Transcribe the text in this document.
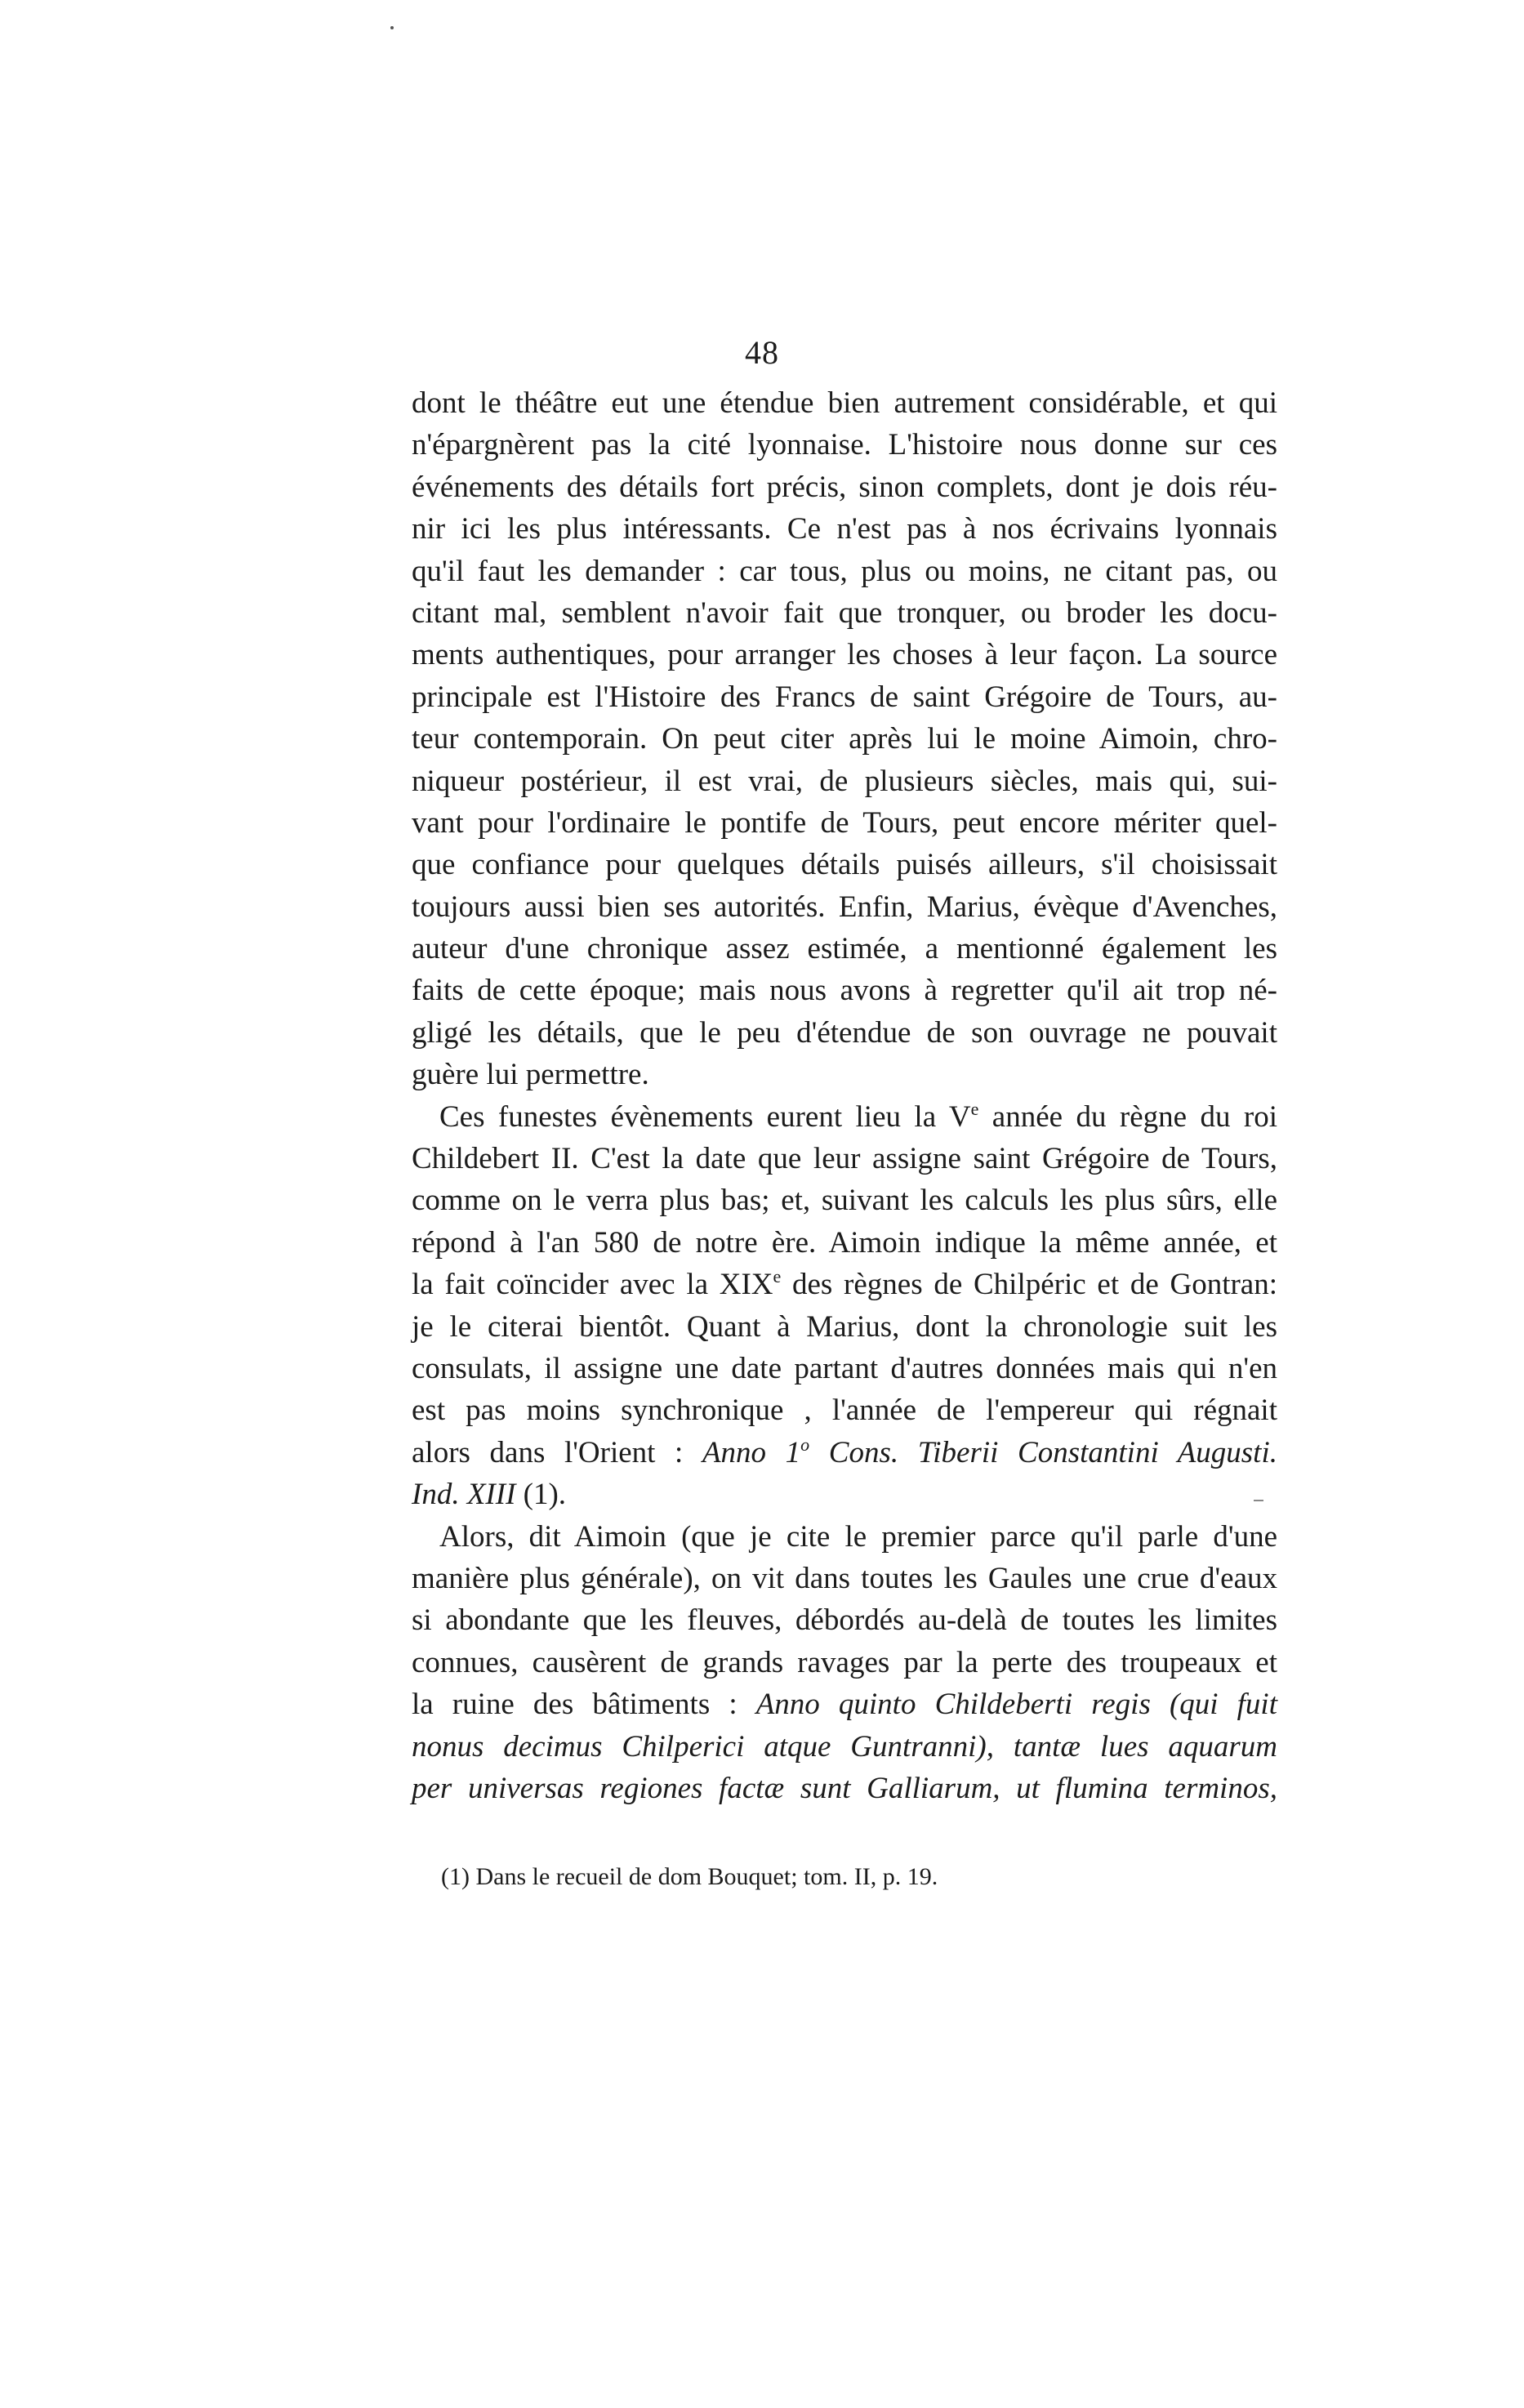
48
dont le théâtre eut une étendue bien autrement considérable, et qui
n'épargnèrent pas la cité lyonnaise. L'histoire nous donne sur ces
événements des détails fort précis, sinon complets, dont je dois réu-
nir ici les plus intéressants. Ce n'est pas à nos écrivains lyonnais
qu'il faut les demander : car tous, plus ou moins, ne citant pas, ou
citant mal, semblent n'avoir fait que tronquer, ou broder les docu-
ments authentiques, pour arranger les choses à leur façon. La source
principale est l'Histoire des Francs de saint Grégoire de Tours, au-
teur contemporain. On peut citer après lui le moine Aimoin, chro-
niqueur postérieur, il est vrai, de plusieurs siècles, mais qui, sui-
vant pour l'ordinaire le pontife de Tours, peut encore mériter quel-
que confiance pour quelques détails puisés ailleurs, s'il choisissait
toujours aussi bien ses autorités. Enfin, Marius, évèque d'Avenches,
auteur d'une chronique assez estimée, a mentionné également les
faits de cette époque; mais nous avons à regretter qu'il ait trop né-
gligé les détails, que le peu d'étendue de son ouvrage ne pouvait
guère lui permettre.
Ces funestes évènements eurent lieu la Ve année du règne du roi
Childebert II. C'est la date que leur assigne saint Grégoire de Tours,
comme on le verra plus bas; et, suivant les calculs les plus sûrs, elle
répond à l'an 580 de notre ère. Aimoin indique la même année, et
la fait coïncider avec la XIXe des règnes de Chilpéric et de Gontran:
je le citerai bientôt. Quant à Marius, dont la chronologie suit les
consulats, il assigne une date partant d'autres données mais qui n'en
est pas moins synchronique , l'année de l'empereur qui régnait
alors dans l'Orient : Anno 1$^o$ Cons. Tiberii Constantini Augusti.
Ind. XIII (1).
Alors, dit Aimoin (que je cite le premier parce qu'il parle d'une
manière plus générale), on vit dans toutes les Gaules une crue d'eaux
si abondante que les fleuves, débordés au-delà de toutes les limites
connues, causèrent de grands ravages par la perte des troupeaux et
la ruine des bâtiments : Anno quinto Childeberti regis (qui fuit
nonus decimus Chilperici atque Guntranni), tantæ lues aquarum
per universas regiones factæ sunt Galliarum, ut flumina terminos,
(1) Dans le recueil de dom Bouquet; tom. II, p. 19.
